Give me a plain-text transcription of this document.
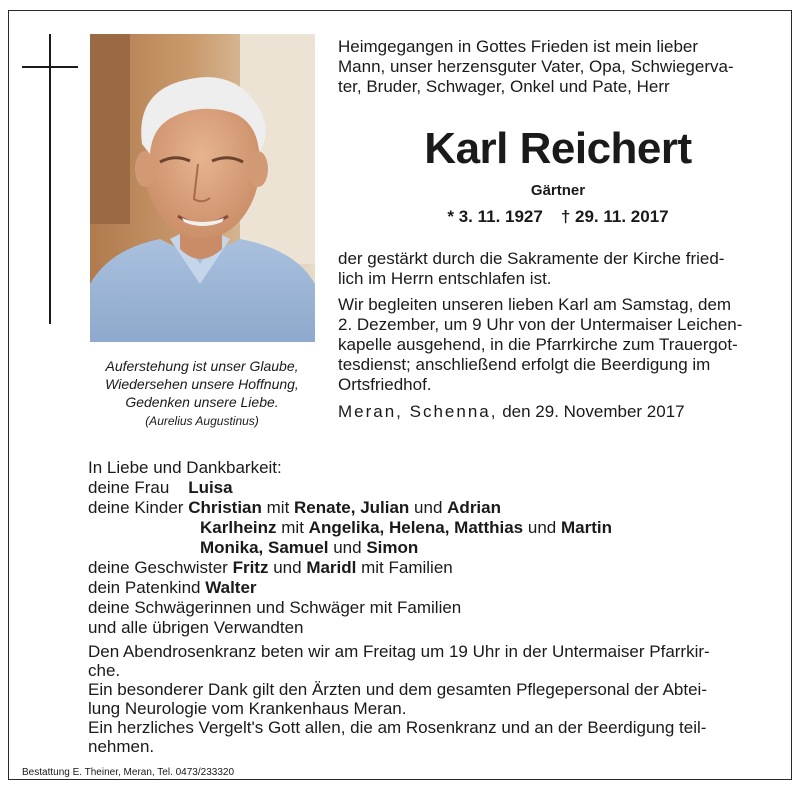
Auferstehung ist unser Glaube,
Wiedersehen unsere Hoffnung,
Gedenken unsere Liebe.
(Aurelius Augustinus)
Heimgegangen in Gottes Frieden ist mein lieber
Mann, unser herzensguter Vater, Opa, Schwiegerva-
ter, Bruder, Schwager, Onkel und Pate, Herr
Karl Reichert
Gärtner
* 3. 11. 1927 † 29. 11. 2017
der gestärkt durch die Sakramente der Kirche fried-
lich im Herrn entschlafen ist.
Wir begleiten unseren lieben Karl am Samstag, dem
2. Dezember, um 9 Uhr von der Untermaiser Leichen-
kapelle ausgehend, in die Pfarrkirche zum Trauergot-
tesdienst; anschließend erfolgt die Beerdigung im
Ortsfriedhof.
Meran, Schenna, den 29. November 2017
In Liebe und Dankbarkeit:
deine Frau Luisa
deine Kinder Christian mit Renate, Julian und Adrian
Karlheinz mit Angelika, Helena, Matthias und Martin
Monika, Samuel und Simon
deine Geschwister Fritz und Maridl mit Familien
dein Patenkind Walter
deine Schwägerinnen und Schwäger mit Familien
und alle übrigen Verwandten
Den Abendrosenkranz beten wir am Freitag um 19 Uhr in der Untermaiser Pfarrkir-
che.
Ein besonderer Dank gilt den Ärzten und dem gesamten Pflegepersonal der Abtei-
lung Neurologie vom Krankenhaus Meran.
Ein herzliches Vergelt's Gott allen, die am Rosenkranz und an der Beerdigung teil-
nehmen.
Bestattung E. Theiner, Meran, Tel. 0473/233320
